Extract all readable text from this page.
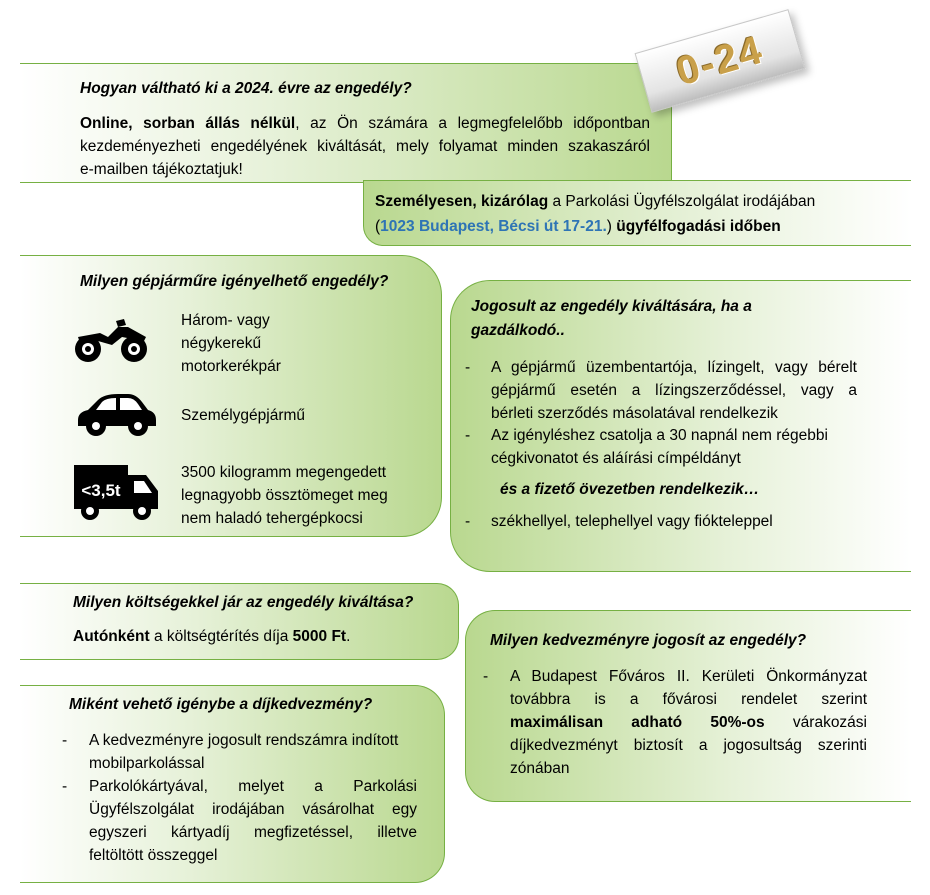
Hogyan váltható ki a 2024. évre az engedély?
Online, sorban állás nélkül, az Ön számára a legmegfelelőbb időpontban
kezdeményezheti engedélyének kiváltását, mely folyamat minden szakaszáról
e-mailben tájékoztatjuk!
Személyesen, kizárólag a Parkolási Ügyfélszolgálat irodájában
(1023 Budapest, Bécsi út 17-21.) ügyfélfogadási időben
0-24
Milyen gépjárműre igényelhető engedély?
Három- vagy
négykerekű
motorkerékpár
Személygépjármű
<3,5t
3500 kilogramm megengedett
legnagyobb össztömeget meg
nem haladó tehergépkocsi
Jogosult az engedély kiváltására, ha a
gazdálkodó..
- A gépjármű üzembentartója, lízingelt, vagy bérelt
gépjármű esetén a lízingszerződéssel, vagy a
bérleti szerződés másolatával rendelkezik
- Az igényléshez csatolja a 30 napnál nem régebbi
cégkivonatot és aláírási címpéldányt
és a fizető övezetben rendelkezik…
- székhellyel, telephellyel vagy fiókteleppel
Milyen költségekkel jár az engedély kiváltása?
Autónként a költségtérítés díja 5000 Ft.	Milyen kedvezményre jogosít az engedély?
- A Budapest Főváros II. Kerületi Önkormányzat
továbbra is a fővárosi rendelet szerint
maximálisan adható 50%-os várakozási
díjkedvezményt biztosít a jogosultság szerinti
zónában
Miként vehető igénybe a díjkedvezmény?
- A kedvezményre jogosult rendszámra indított
mobilparkolással
- Parkolókártyával, melyet a Parkolási
Ügyfélszolgálat irodájában vásárolhat egy
egyszeri kártyadíj megfizetéssel, illetve
feltöltött összeggel
